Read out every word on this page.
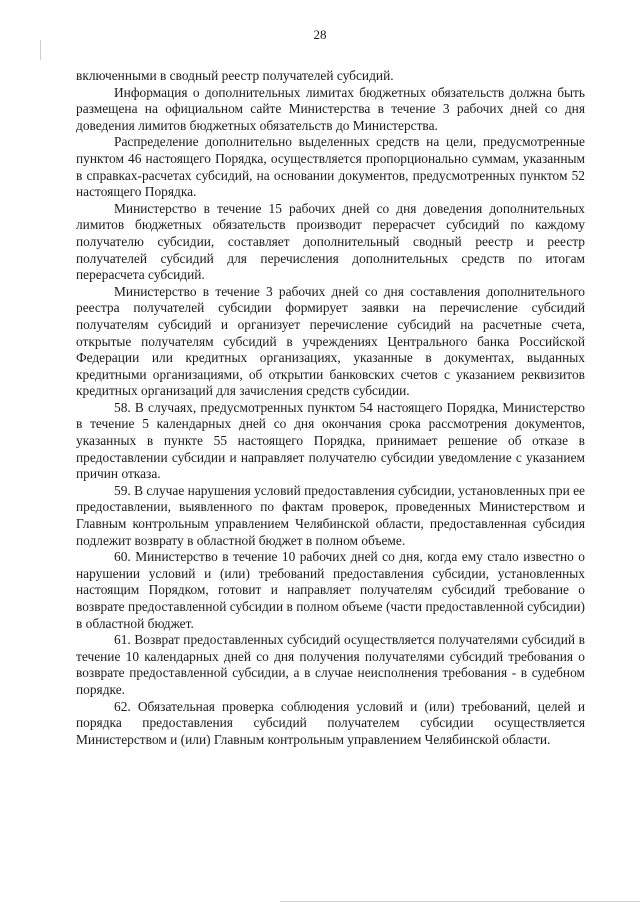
28

включенными в сводный реестр получателей субсидий.

Информация о дополнительных лимитах бюджетных обязательств должна быть размещена на официальном сайте Министерства в течение 3 рабочих дней со дня доведения лимитов бюджетных обязательств до Министерства.

Распределение дополнительно выделенных средств на цели, предусмотренные пунктом 46 настоящего Порядка, осуществляется пропорционально суммам, указанным в справках-расчетах субсидий, на основании документов, предусмотренных пунктом 52 настоящего Порядка.

Министерство в течение 15 рабочих дней со дня доведения дополнительных лимитов бюджетных обязательств производит перерасчет субсидий по каждому получателю субсидии, составляет дополнительный сводный реестр и реестр получателей субсидий для перечисления дополнительных средств по итогам перерасчета субсидий.

Министерство в течение 3 рабочих дней со дня составления дополнительного реестра получателей субсидии формирует заявки на перечисление субсидий получателям субсидий и организует перечисление субсидий на расчетные счета, открытые получателям субсидий в учреждениях Центрального банка Российской Федерации или кредитных организациях, указанные в документах, выданных кредитными организациями, об открытии банковских счетов с указанием реквизитов кредитных организаций для зачисления средств субсидии.

58. В случаях, предусмотренных пунктом 54 настоящего Порядка, Министерство в течение 5 календарных дней со дня окончания срока рассмотрения документов, указанных в пункте 55 настоящего Порядка, принимает решение об отказе в предоставлении субсидии и направляет получателю субсидии уведомление с указанием причин отказа.

59. В случае нарушения условий предоставления субсидии, установленных при ее предоставлении, выявленного по фактам проверок, проведенных Министерством и Главным контрольным управлением Челябинской области, предоставленная субсидия подлежит возврату в областной бюджет в полном объеме.

60. Министерство в течение 10 рабочих дней со дня, когда ему стало известно о нарушении условий и (или) требований предоставления субсидии, установленных настоящим Порядком, готовит и направляет получателям субсидий требование о возврате предоставленной субсидии в полном объеме (части предоставленной субсидии) в областной бюджет.

61. Возврат предоставленных субсидий осуществляется получателями субсидий в течение 10 календарных дней со дня получения получателями субсидий требования о возврате предоставленной субсидии, а в случае неисполнения требования - в судебном порядке.

62. Обязательная проверка соблюдения условий и (или) требований, целей и порядка предоставления субсидий получателем субсидии осуществляется Министерством и (или) Главным контрольным управлением Челябинской области.
